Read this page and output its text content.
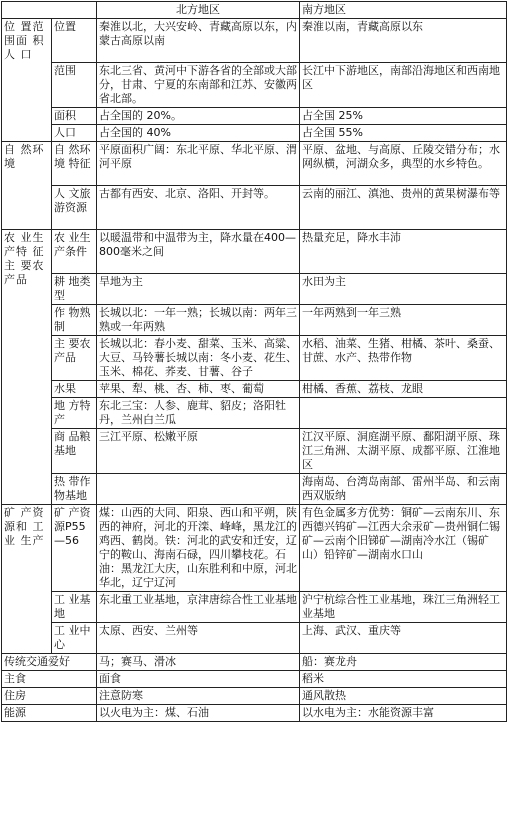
		北方地区	南方地区
位 置范 围面 积人 口	位置	秦淮以北，大兴安岭、青藏高原以东，内蒙古高原以南	秦淮以南，青藏高原以东
	范围	东北三省、黄河中下游各省的全部或大部分，甘肃、宁夏的东南部和江苏、安徽两省北部。	长江中下游地区，南部沿海地区和西南地区
	面积	占全国的 20%。	占全国 25%
	人口	占全国的 40%	占全国 55%
自 然环境	自 然环 境 特征	平原面积广阔：东北平原、华北平原、渭河平原	平原、盆地、与高原、丘陵交错分布；水网纵横，河湖众多，典型的水乡特色。
	人 文旅 游资源	古都有西安、北京、洛阳、开封等。	云南的丽江、滇池、贵州的黄果树瀑布等
农 业生 产特 征主 要农 产品	农 业生 产条件	以暖温带和中温带为主，降水量在400—800毫米之间	热量充足，降水丰沛
	耕 地类型	旱地为主	水田为主
	作 物熟制	长城以北：一年一熟；长城以南：两年三熟或一年两熟	一年两熟到一年三熟
	主 要农 产品	长城以北：春小麦、甜菜、玉米、高粱、大豆、马铃薯长城以南：冬小麦、花生、玉米、棉花、荞麦、甘薯、谷子	水稻、油菜、生猪、柑橘、茶叶、桑蚕、甘蔗、水产、热带作物
	水果	苹果、犁、桃、杏、柿、枣、葡萄	柑橘、香蕉、荔枝、龙眼
	地 方特 产	东北三宝：人参、鹿茸、貂皮；洛阳牡丹，兰州白兰瓜	
	商 品粮 基地	三江平原、松嫩平原	江汉平原、洞庭湖平原、鄱阳湖平原、珠江三角洲、太湖平原、成都平原、江淮地区
	热 带作 物基地		海南岛、台湾岛南部、雷州半岛、和云南西双版纳
矿 产资 源和 工业 生产	矿 产资源P55—56	煤：山西的大同、阳泉、西山和平朔，陕西的神府，河北的开滦、峰峰，黑龙江的鸡西、鹤岗。铁：河北的武安和迁安，辽宁的鞍山、海南石碌，四川攀枝花。石油：黑龙江大庆，山东胜利和中原，河北华北，辽宁辽河	有色金属多方优势：铜矿—云南东川、东西德兴钨矿—江西大余汞矿—贵州铜仁锡矿—云南个旧锑矿—湖南冷水江（锡矿山）铅锌矿—湖南水口山
	工 业基地	东北重工业基地，京津唐综合性工业基地	沪宁杭综合性工业基地，珠江三角洲轻工业基地
	工 业中心	太原、西安、兰州等	上海、武汉、重庆等
传统交通爱好		马；赛马、滑冰	船：赛龙舟
主食		面食	稻米
住房		注意防寒	通风散热
能源		以火电为主：煤、石油	以水电为主：水能资源丰富
